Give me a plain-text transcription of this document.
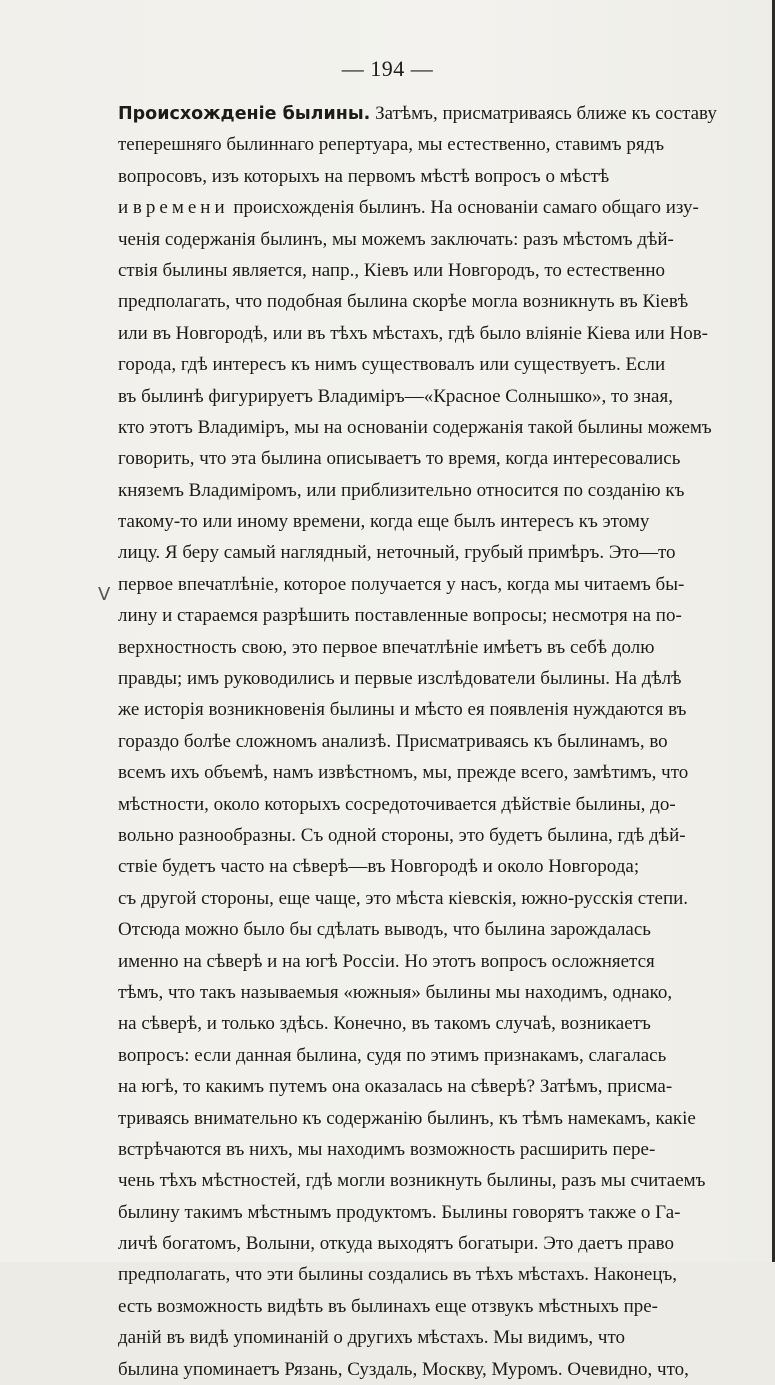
— 194 —
ᐯ
Происхожденіе былины. Затѣмъ, присматриваясь ближе къ составу
теперешняго былиннаго репертуара, мы естественно, ставимъ рядъ
вопросовъ, изъ которыхъ на первомъ мѣстѣ вопросъ о мѣстѣ
и времени происхожденія былинъ. На основаніи самаго общаго изу-
ченія содержанія былинъ, мы можемъ заключать: разъ мѣстомъ дѣй-
ствія былины является, напр., Кіевъ или Новгородъ, то естественно
предполагать, что подобная былина скорѣе могла возникнуть въ Кіевѣ
или въ Новгородѣ, или въ тѣхъ мѣстахъ, гдѣ было вліяніе Кіева или Нов-
города, гдѣ интересъ къ нимъ существовалъ или существуетъ. Если
въ былинѣ фигурируетъ Владиміръ—«Красное Солнышко», то зная,
кто этотъ Владиміръ, мы на основаніи содержанія такой былины можемъ
говорить, что эта былина описываетъ то время, когда интересовались
княземъ Владиміромъ, или приблизительно относится по созданію къ
такому-то или иному времени, когда еще былъ интересъ къ этому
лицу. Я беру самый наглядный, неточный, грубый примѣръ. Это—то
первое впечатлѣніе, которое получается у насъ, когда мы читаемъ бы-
лину и стараемся разрѣшить поставленные вопросы; несмотря на по-
верхностность свою, это первое впечатлѣніе имѣетъ въ себѣ долю
правды; имъ руководились и первые изслѣдователи былины. На дѣлѣ
же исторія возникновенія былины и мѣсто ея появленія нуждаются въ
гораздо болѣе сложномъ анализѣ. Присматриваясь къ былинамъ, во
всемъ ихъ объемѣ, намъ извѣстномъ, мы, прежде всего, замѣтимъ, что
мѣстности, около которыхъ сосредоточивается дѣйствіе былины, до-
вольно разнообразны. Съ одной стороны, это будетъ былина, гдѣ дѣй-
ствіе будетъ часто на сѣверѣ—въ Новгородѣ и около Новгорода;
съ другой стороны, еще чаще, это мѣста кіевскія, южно-русскія степи.
Отсюда можно было бы сдѣлать выводъ, что былина зарождалась
именно на сѣверѣ и на югѣ Россіи. Но этотъ вопросъ осложняется
тѣмъ, что такъ называемыя «южныя» былины мы находимъ, однако,
на сѣверѣ, и только здѣсь. Конечно, въ такомъ случаѣ, возникаетъ
вопросъ: если данная былина, судя по этимъ признакамъ, слагалась
на югѣ, то какимъ путемъ она оказалась на сѣверѣ? Затѣмъ, присма-
триваясь внимательно къ содержанію былинъ, къ тѣмъ намекамъ, какіе
встрѣчаются въ нихъ, мы находимъ возможность расширить пере-
чень тѣхъ мѣстностей, гдѣ могли возникнуть былины, разъ мы считаемъ
былину такимъ мѣстнымъ продуктомъ. Былины говорятъ также о Га-
личѣ богатомъ, Волыни, откуда выходятъ богатыри. Это даетъ право
предполагать, что эти былины создались въ тѣхъ мѣстахъ. Наконецъ,
есть возможность видѣть въ былинахъ еще отзвукъ мѣстныхъ пре-
даній въ видѣ упоминаній о другихъ мѣстахъ. Мы видимъ, что
былина упоминаетъ Рязань, Суздаль, Москву, Муромъ. Очевидно, что,
